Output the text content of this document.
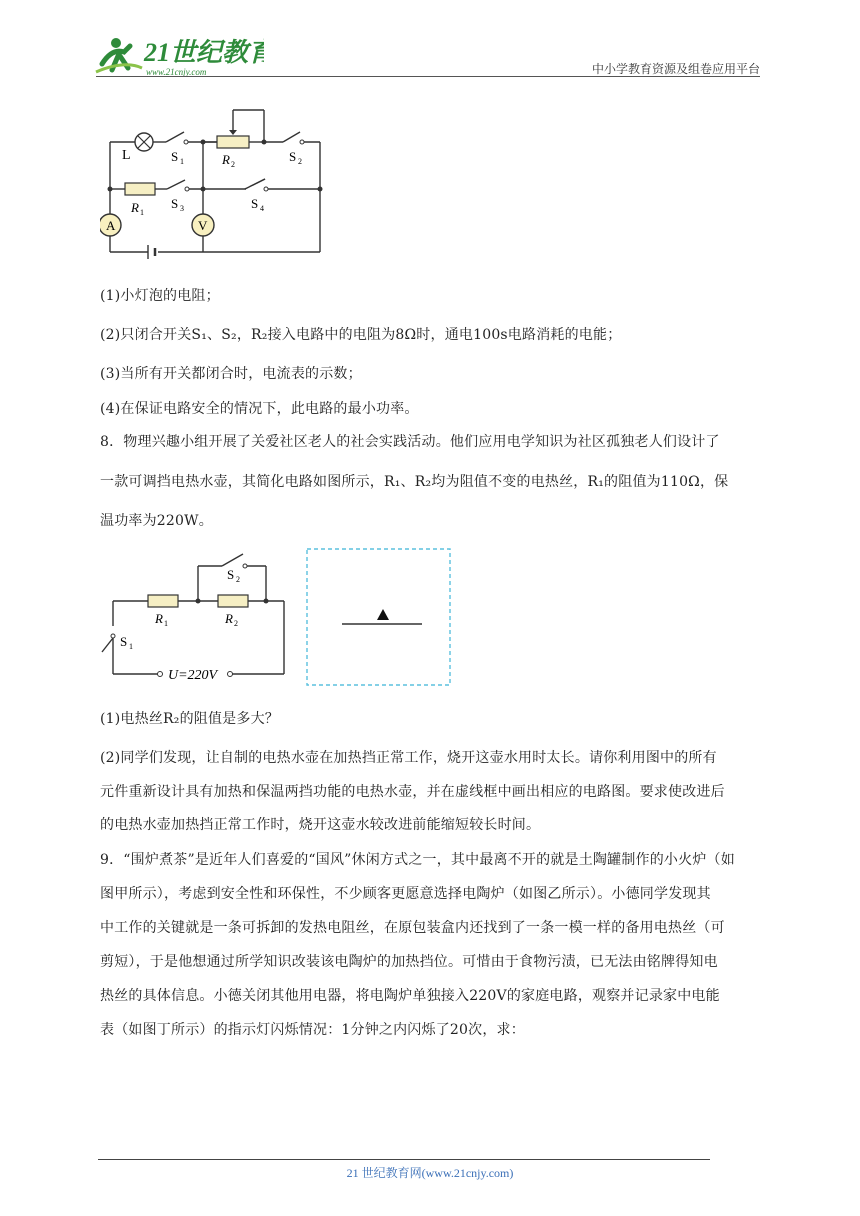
21世纪教育
www.21cnjy.com	中小学教育资源及组卷应用平台
A	V
L	S 1	R 2
S 2
R 1
S 3	S 4
(1)小灯泡的电阻；
(2)只闭合开关S₁、S₂，R₂接入电路中的电阻为8Ω时，通电100s电路消耗的电能；
(3)当所有开关都闭合时，电流表的示数；
(4)在保证电路安全的情况下，此电路的最小功率。
8．物理兴趣小组开展了关爱社区老人的社会实践活动。他们应用电学知识为社区孤独老人们设计了
一款可调挡电热水壶，其简化电路如图所示，R₁、R₂均为阻值不变的电热丝，R₁的阻值为110Ω，保
温功率为220W。
S 2
R 1	R 2
S 1
U=220V
(1)电热丝R₂的阻值是多大？
(2)同学们发现，让自制的电热水壶在加热挡正常工作，烧开这壶水用时太长。请你利用图中的所有
元件重新设计具有加热和保温两挡功能的电热水壶，并在虚线框中画出相应的电路图。要求使改进后
的电热水壶加热挡正常工作时，烧开这壶水较改进前能缩短较长时间。
9．“围炉煮茶”是近年人们喜爱的“国风”休闲方式之一，其中最离不开的就是土陶罐制作的小火炉（如
图甲所示），考虑到安全性和环保性，不少顾客更愿意选择电陶炉（如图乙所示）。小德同学发现其
中工作的关键就是一条可拆卸的发热电阻丝，在原包装盒内还找到了一条一模一样的备用电热丝（可
剪短），于是他想通过所学知识改装该电陶炉的加热挡位。可惜由于食物污渍，已无法由铭牌得知电
热丝的具体信息。小德关闭其他用电器，将电陶炉单独接入220V的家庭电路，观察并记录家中电能
表（如图丁所示）的指示灯闪烁情况：1分钟之内闪烁了20次，求：
21 世纪教育网(www.21cnjy.com)
